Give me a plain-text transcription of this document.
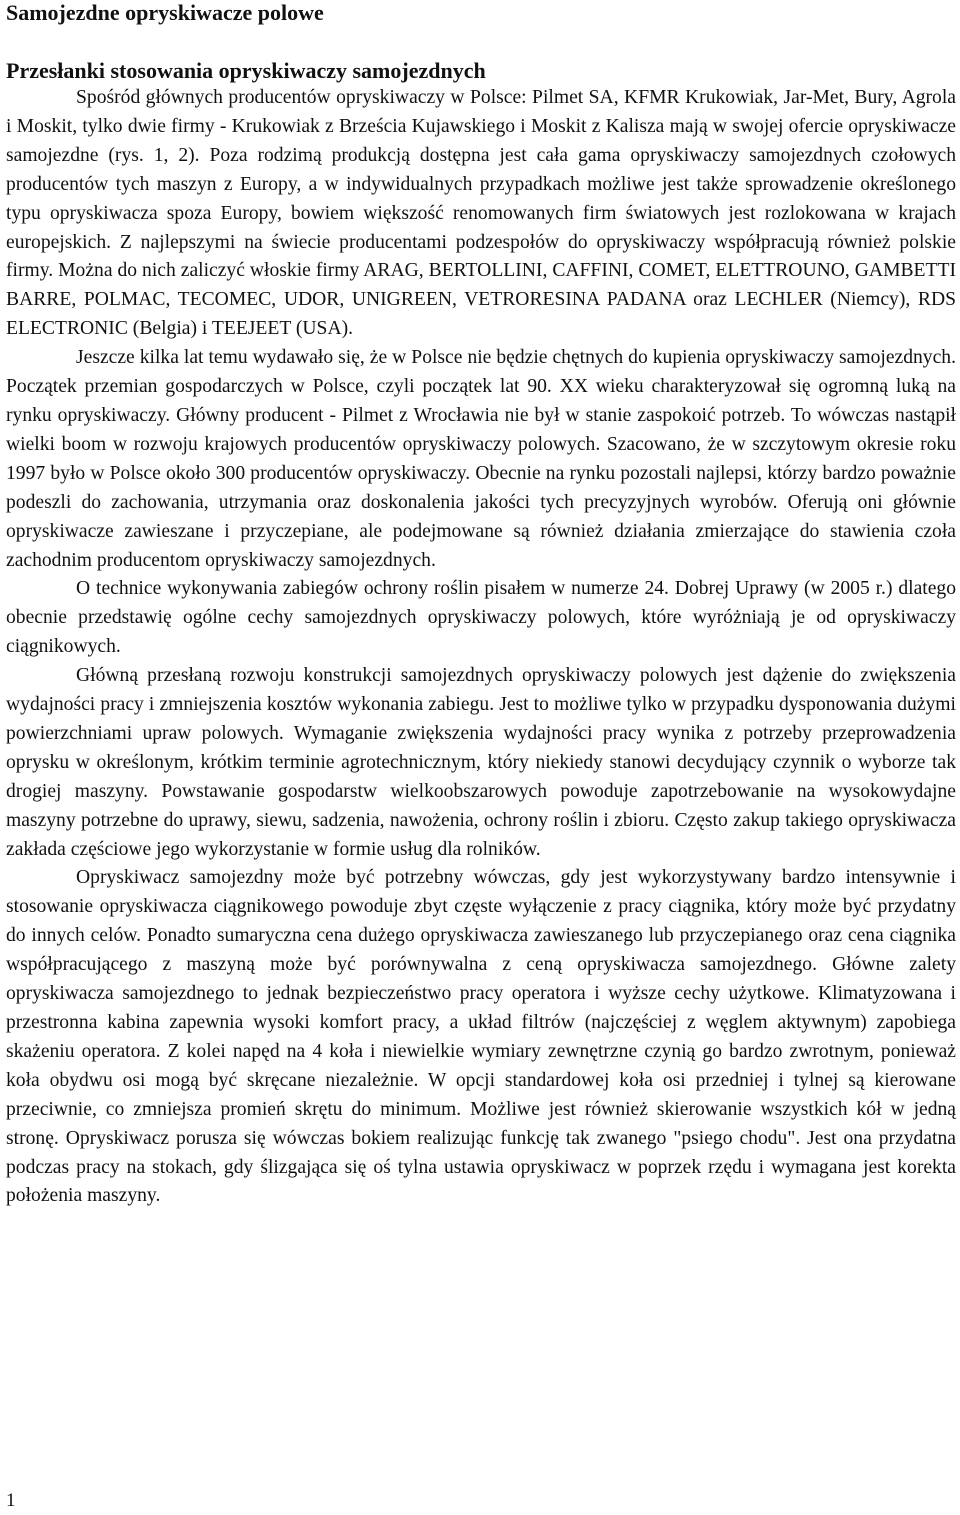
Samojezdne opryskiwacze polowe
Przesłanki stosowania opryskiwaczy samojezdnych

Spośród głównych producentów opryskiwaczy w Polsce: Pilmet SA, KFMR Krukowiak, Jar-Met, Bury, Agrola i Moskit, tylko dwie firmy - Krukowiak z Brześcia Kujawskiego i Moskit z Kalisza mają w swojej ofercie opryskiwacze samojezdne (rys. 1, 2). Poza rodzimą produkcją dostępna jest cała gama opryskiwaczy samojezdnych czołowych producentów tych maszyn z Europy, a w indywidualnych przypadkach możliwe jest także sprowadzenie określonego typu opryskiwacza spoza Europy, bowiem większość renomowanych firm światowych jest rozlokowana w krajach europejskich. Z najlepszymi na świecie producentami podzespołów do opryskiwaczy współpracują również polskie firmy. Można do nich zaliczyć włoskie firmy ARAG, BERTOLLINI, CAFFINI, COMET, ELETTROUNO, GAMBETTI BARRE, POLMAC, TECOMEC, UDOR, UNIGREEN, VETRORESINA PADANA oraz LECHLER (Niemcy), RDS ELECTRONIC (Belgia) i TEEJEET (USA).

Jeszcze kilka lat temu wydawało się, że w Polsce nie będzie chętnych do kupienia opryskiwaczy samojezdnych. Początek przemian gospodarczych w Polsce, czyli początek lat 90. XX wieku charakteryzował się ogromną luką na rynku opryskiwaczy. Główny producent - Pilmet z Wrocławia nie był w stanie zaspokoić potrzeb. To wówczas nastąpił wielki boom w rozwoju krajowych producentów opryskiwaczy polowych. Szacowano, że w szczytowym okresie roku 1997 było w Polsce około 300 producentów opryskiwaczy. Obecnie na rynku pozostali najlepsi, którzy bardzo poważnie podeszli do zachowania, utrzymania oraz doskonalenia jakości tych precyzyjnych wyrobów. Oferują oni głównie opryskiwacze zawieszane i przyczepiane, ale podejmowane są również działania zmierzające do stawienia czoła zachodnim producentom opryskiwaczy samojezdnych.

O technice wykonywania zabiegów ochrony roślin pisałem w numerze 24. Dobrej Uprawy (w 2005 r.) dlatego obecnie przedstawię ogólne cechy samojezdnych opryskiwaczy polowych, które wyróżniają je od opryskiwaczy ciągnikowych.

Główną przesłaną rozwoju konstrukcji samojezdnych opryskiwaczy polowych jest dążenie do zwiększenia wydajności pracy i zmniejszenia kosztów wykonania zabiegu. Jest to możliwe tylko w przypadku dysponowania dużymi powierzchniami upraw polowych. Wymaganie zwiększenia wydajności pracy wynika z potrzeby przeprowadzenia oprysku w określonym, krótkim terminie agrotechnicznym, który niekiedy stanowi decydujący czynnik o wyborze tak drogiej maszyny. Powstawanie gospodarstw wielkoobszarowych powoduje zapotrzebowanie na wysokowydajne maszyny potrzebne do uprawy, siewu, sadzenia, nawożenia, ochrony roślin i zbioru. Często zakup takiego opryskiwacza zakłada częściowe jego wykorzystanie w formie usług dla rolników.

Opryskiwacz samojezdny może być potrzebny wówczas, gdy jest wykorzystywany bardzo intensywnie i stosowanie opryskiwacza ciągnikowego powoduje zbyt częste wyłączenie z pracy ciągnika, który może być przydatny do innych celów. Ponadto sumaryczna cena dużego opryskiwacza zawieszanego lub przyczepianego oraz cena ciągnika współpracującego z maszyną może być porównywalna z ceną opryskiwacza samojezdnego. Główne zalety opryskiwacza samojezdnego to jednak bezpieczeństwo pracy operatora i wyższe cechy użytkowe. Klimatyzowana i przestronna kabina zapewnia wysoki komfort pracy, a układ filtrów (najczęściej z węglem aktywnym) zapobiega skażeniu operatora. Z kolei napęd na 4 koła i niewielkie wymiary zewnętrzne czynią go bardzo zwrotnym, ponieważ koła obydwu osi mogą być skręcane niezależnie. W opcji standardowej koła osi przedniej i tylnej są kierowane przeciwnie, co zmniejsza promień skrętu do minimum. Możliwe jest również skierowanie wszystkich kół w jedną stronę. Opryskiwacz porusza się wówczas bokiem realizując funkcję tak zwanego "psiego chodu". Jest ona przydatna podczas pracy na stokach, gdy ślizgająca się oś tylna ustawia opryskiwacz w poprzek rzędu i wymagana jest korekta położenia maszyny.

1
